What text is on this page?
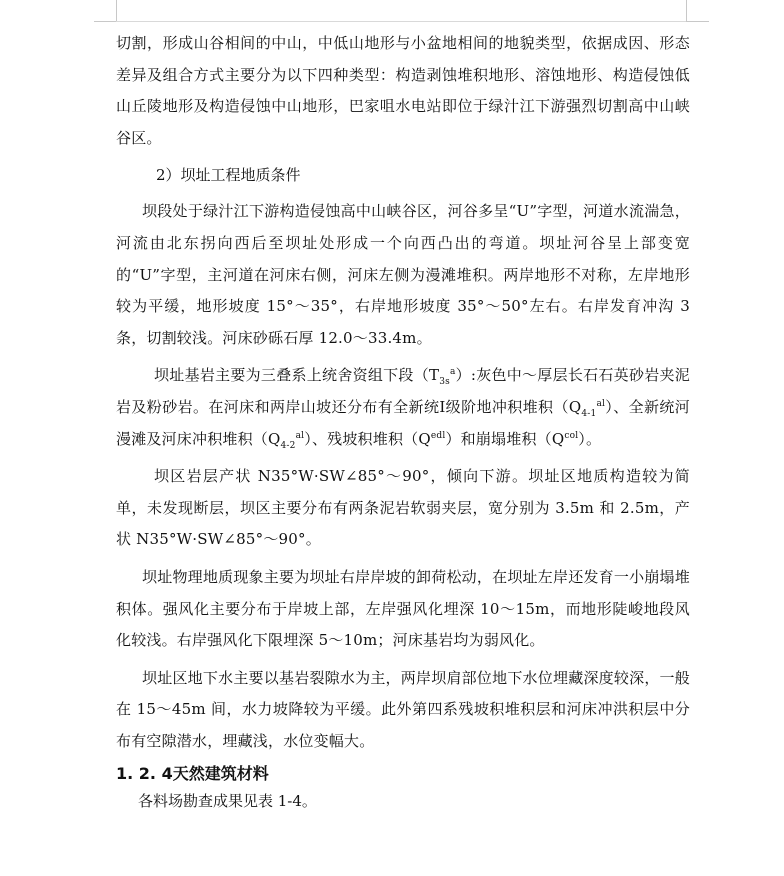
切割，形成山谷相间的中山，中低山地形与小盆地相间的地貌类型，依据成因、形态差异及组合方式主要分为以下四种类型：构造剥蚀堆积地形、溶蚀地形、构造侵蚀低山丘陵地形及构造侵蚀中山地形，巴家咀水电站即位于绿汁江下游强烈切割高中山峡谷区。

2）坝址工程地质条件

坝段处于绿汁江下游构造侵蚀高中山峡谷区，河谷多呈“U”字型，河道水流湍急，河流由北东拐向西后至坝址处形成一个向西凸出的弯道。坝址河谷呈上部变宽的“U”字型，主河道在河床右侧，河床左侧为漫滩堆积。两岸地形不对称，左岸地形较为平缓，地形坡度 15°～35°，右岸地形坡度 35°～50°左右。右岸发育冲沟 3 条，切割较浅。河床砂砾石厚 12.0～33.4m。

坝址基岩主要为三叠系上统舍资组下段$(T_{3s}^a)$:灰色中～厚层长石石英砂岩夹泥岩及粉砂岩。在河床和两岸山坡还分布有全新统Ⅰ级阶地冲积堆积$(Q_{4-1}^{al})$、全新统河漫滩及河床冲积堆积$(Q_{4-2}^{al})$、残坡积堆积$(Q^{edl})$和崩塌堆积$(Q^{col})$。

坝区岩层产状 N35°W·SW∠85°～90°，倾向下游。坝址区地质构造较为简单，未发现断层，坝区主要分布有两条泥岩软弱夹层，宽分别为 3.5m 和 2.5m，产状 N35°W·SW∠85°～90°。

坝址物理地质现象主要为坝址右岸岸坡的卸荷松动，在坝址左岸还发育一小崩塌堆积体。强风化主要分布于岸坡上部，左岸强风化埋深 10～15m，而地形陡峻地段风化较浅。右岸强风化下限埋深 5～10m；河床基岩均为弱风化。

坝址区地下水主要以基岩裂隙水为主，两岸坝肩部位地下水位埋藏深度较深，一般在 15～45m 间，水力坡降较为平缓。此外第四系残坡积堆积层和河床冲洪积层中分布有空隙潜水，埋藏浅，水位变幅大。

1. 2. 4天然建筑材料

各料场勘查成果见表 1-4。
